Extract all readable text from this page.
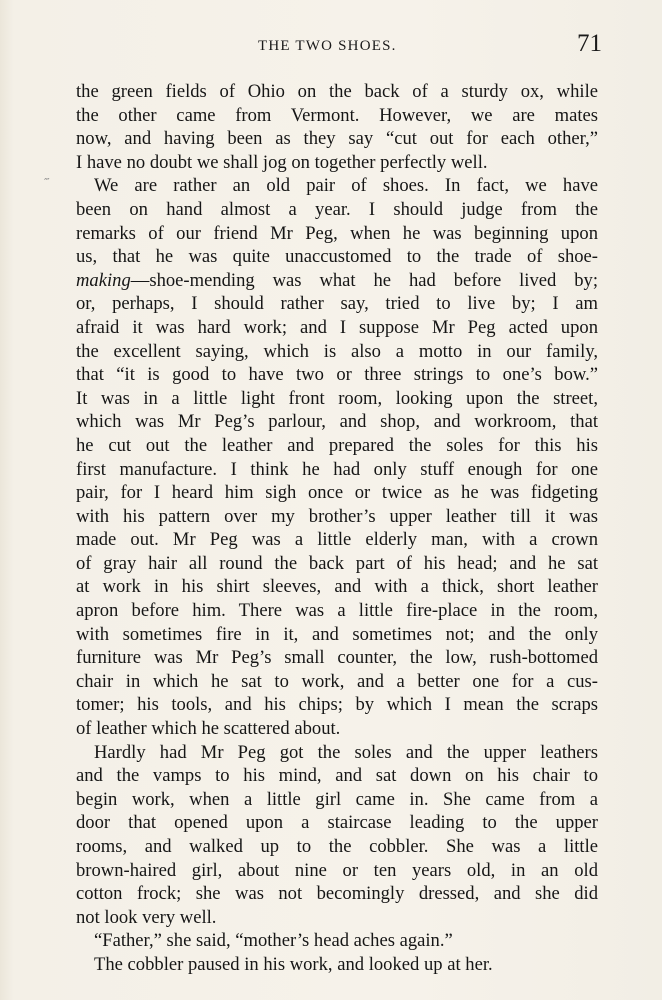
THE TWO SHOES.	71
‴
the green fields of Ohio on the back of a sturdy ox, while
the other came from Vermont. However, we are mates
now, and having been as they say “cut out for each other,”
I have no doubt we shall jog on together perfectly well.
We are rather an old pair of shoes. In fact, we have
been on hand almost a year. I should judge from the
remarks of our friend Mr Peg, when he was beginning upon
us, that he was quite unaccustomed to the trade of shoe-
making—shoe-mending was what he had before lived by;
or, perhaps, I should rather say, tried to live by; I am
afraid it was hard work; and I suppose Mr Peg acted upon
the excellent saying, which is also a motto in our family,
that “it is good to have two or three strings to one’s bow.”
It was in a little light front room, looking upon the street,
which was Mr Peg’s parlour, and shop, and workroom, that
he cut out the leather and prepared the soles for this his
first manufacture. I think he had only stuff enough for one
pair, for I heard him sigh once or twice as he was fidgeting
with his pattern over my brother’s upper leather till it was
made out. Mr Peg was a little elderly man, with a crown
of gray hair all round the back part of his head; and he sat
at work in his shirt sleeves, and with a thick, short leather
apron before him. There was a little fire-place in the room,
with sometimes fire in it, and sometimes not; and the only
furniture was Mr Peg’s small counter, the low, rush-bottomed
chair in which he sat to work, and a better one for a cus-
tomer; his tools, and his chips; by which I mean the scraps
of leather which he scattered about.
Hardly had Mr Peg got the soles and the upper leathers
and the vamps to his mind, and sat down on his chair to
begin work, when a little girl came in. She came from a
door that opened upon a staircase leading to the upper
rooms, and walked up to the cobbler. She was a little
brown-haired girl, about nine or ten years old, in an old
cotton frock; she was not becomingly dressed, and she did
not look very well.
“Father,” she said, “mother’s head aches again.”
The cobbler paused in his work, and looked up at her.
